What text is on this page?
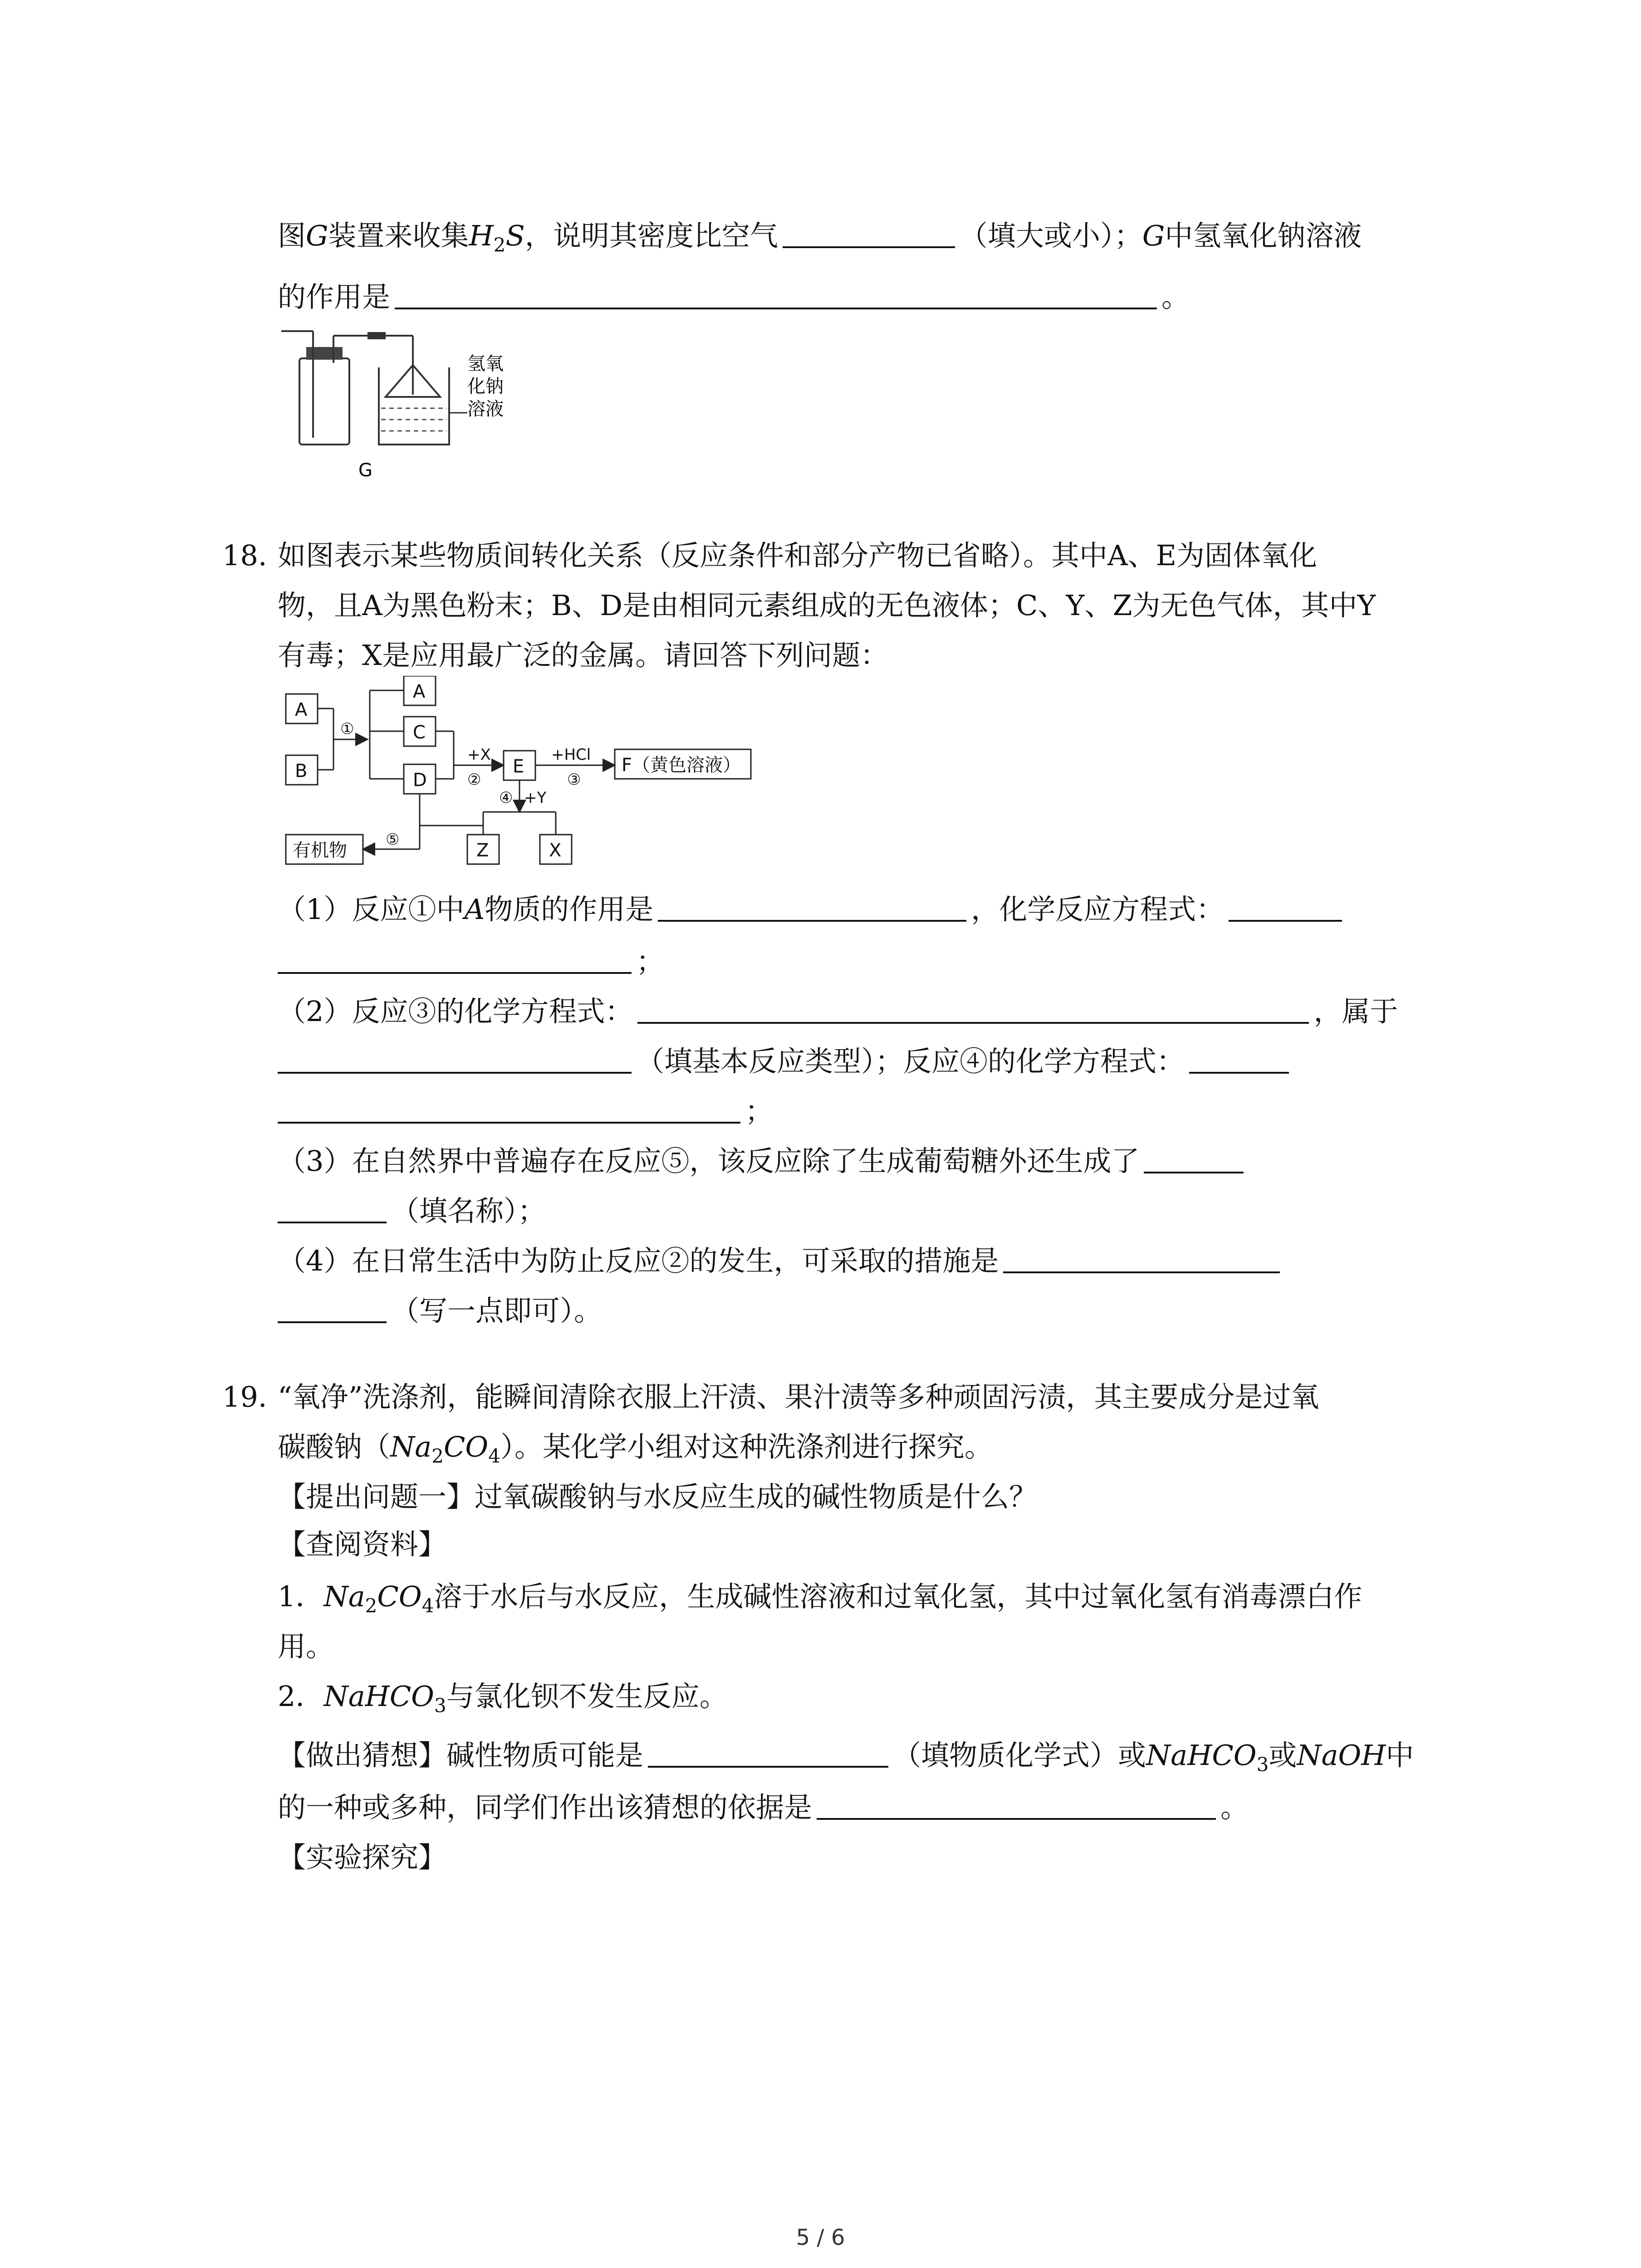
图G装置来收集$H_2S$，说明其密度比空气	（填大或小）；G中氢氧化钠溶液
的作用是	。
氢氧
化钠
溶液
G
18. 如图表示某些物质间转化关系（反应条件和部分产物已省略）。其中A、E为固体氧化
物，且A为黑色粉末；B、D是由相同元素组成的无色液体；C、Y、Z为无色气体，其中Y
有毒；X是应用最广泛的金属。请回答下列问题：
A
B
A
C
D
E	F（黄色溶液）
有机物	Z	X
①
+X
②
+HCl
③
④ +Y
⑤
（1）反应①中A物质的作用是	，化学反应方程式：
；
（2）反应③的化学方程式：	，属于
（填基本反应类型）；反应④的化学方程式：
；
（3）在自然界中普遍存在反应⑤，该反应除了生成葡萄糖外还生成了
（填名称）；
（4）在日常生活中为防止反应②的发生，可采取的措施是
（写一点即可）。
19. “氧净”洗涤剂，能瞬间清除衣服上汗渍、果汁渍等多种顽固污渍，其主要成分是过氧
碳酸钠$(Na_2CO_4)$。某化学小组对这种洗涤剂进行探究。
【提出问题一】过氧碳酸钠与水反应生成的碱性物质是什么？
【查阅资料】
1．$Na_2CO_4$溶于水后与水反应，生成碱性溶液和过氧化氢，其中过氧化氢有消毒漂白作
用。
2．NaHCO$_3$与氯化钡不发生反应。
【做出猜想】碱性物质可能是	（填物质化学式）或NaHCO$_3$或NaOH中
的一种或多种，同学们作出该猜想的依据是	。
【实验探究】
5 / 6
